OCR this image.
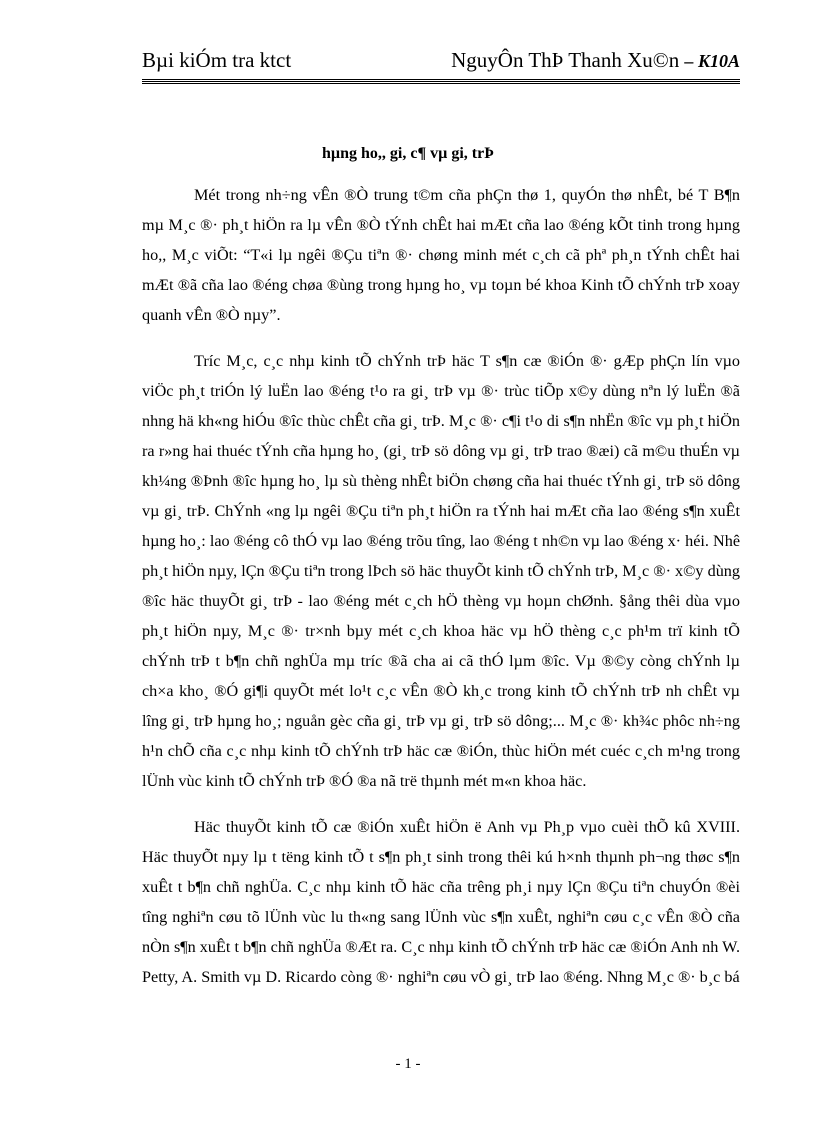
Bµi kiÓm tra ktct	NguyÔn ThÞ Thanh Xu©n – K10A
hµng ho,, gi, c¶ vµ gi, trÞ

Mét trong nh÷ng vÊn ®Ò trung t©m cña phÇn thø 1, quyÓn thø nhÊt, bé T B¶n mµ M¸c ®· ph¸t hiÖn ra lµ vÊn ®Ò tÝnh chÊt hai mÆt cña lao ®éng kÕt tinh trong hµng ho,, M¸c viÕt: “T«i lµ ngêi ®Çu tiªn ®· chøng minh mét c¸ch cã phª ph¸n tÝnh chÊt hai mÆt ®ã cña lao ®éng chøa ®ùng trong hµng ho¸ vµ toµn bé khoa Kinh tÕ chÝnh trÞ xoay quanh vÊn ®Ò nµy”.

Tríc M¸c, c¸c nhµ kinh tÕ chÝnh trÞ häc T s¶n cæ ®iÓn ®· gÆp phÇn lín vµo viÖc ph¸t triÓn lý luËn lao ®éng t¹o ra gi¸ trÞ vµ ®· trùc tiÕp x©y dùng nªn lý luËn ®ã nhng hä kh«ng hiÓu ®îc thùc chÊt cña gi¸ trÞ. M¸c ®· c¶i t¹o di s¶n nhËn ®îc vµ ph¸t hiÖn ra r»ng hai thuéc tÝnh cña hµng ho¸ (gi¸ trÞ sö dông vµ gi¸ trÞ trao ®æi) cã m©u thuÉn vµ kh¼ng ®Þnh ®îc hµng ho¸ lµ sù thèng nhÊt biÖn chøng cña hai thuéc tÝnh gi¸ trÞ sö dông vµ gi¸ trÞ. ChÝnh «ng lµ ngêi ®Çu tiªn ph¸t hiÖn ra tÝnh hai mÆt cña lao ®éng s¶n xuÊt hµng ho¸: lao ®éng cô thÓ vµ lao ®éng trõu tîng, lao ®éng t nh©n vµ lao ®éng x· héi. Nhê ph¸t hiÖn nµy, lÇn ®Çu tiªn trong lÞch sö häc thuyÕt kinh tÕ chÝnh trÞ, M¸c ®· x©y dùng ®îc häc thuyÕt gi¸ trÞ - lao ®éng mét c¸ch hÖ thèng vµ hoµn chØnh. §ång thêi dùa vµo ph¸t hiÖn nµy, M¸c ®· tr×nh bµy mét c¸ch khoa häc vµ hÖ thèng c¸c ph¹m trï kinh tÕ chÝnh trÞ t b¶n chñ nghÜa mµ tríc ®ã cha ai cã thÓ lµm ®îc. Vµ ®©y còng chÝnh lµ ch×a kho¸ ®Ó gi¶i quyÕt mét lo¹t c¸c vÊn ®Ò kh¸c trong kinh tÕ chÝnh trÞ nh chÊt vµ lîng gi¸ trÞ hµng ho¸; nguån gèc cña gi¸ trÞ vµ gi¸ trÞ sö dông;... M¸c ®· kh¾c phôc nh÷ng h¹n chÕ cña c¸c nhµ kinh tÕ chÝnh trÞ häc cæ ®iÓn, thùc hiÖn mét cuéc c¸ch m¹ng trong lÜnh vùc kinh tÕ chÝnh trÞ ®Ó ®a nã trë thµnh mét m«n khoa häc.

Häc thuyÕt kinh tÕ cæ ®iÓn xuÊt hiÖn ë Anh vµ Ph¸p vµo cuèi thÕ kû XVIII. Häc thuyÕt nµy lµ t tëng kinh tÕ t s¶n ph¸t sinh trong thêi kú h×nh thµnh ph¬ng thøc s¶n xuÊt t b¶n chñ nghÜa. C¸c nhµ kinh tÕ häc cña trêng ph¸i nµy lÇn ®Çu tiªn chuyÓn ®èi tîng nghiªn cøu tõ lÜnh vùc lu th«ng sang lÜnh vùc s¶n xuÊt, nghiªn cøu c¸c vÊn ®Ò cña nÒn s¶n xuÊt t b¶n chñ nghÜa ®Æt ra. C¸c nhµ kinh tÕ chÝnh trÞ häc cæ ®iÓn Anh nh W. Petty, A. Smith vµ D. Ricardo còng ®· nghiªn cøu vÒ gi¸ trÞ lao ®éng. Nhng M¸c ®· b¸c bá

- 1 -
